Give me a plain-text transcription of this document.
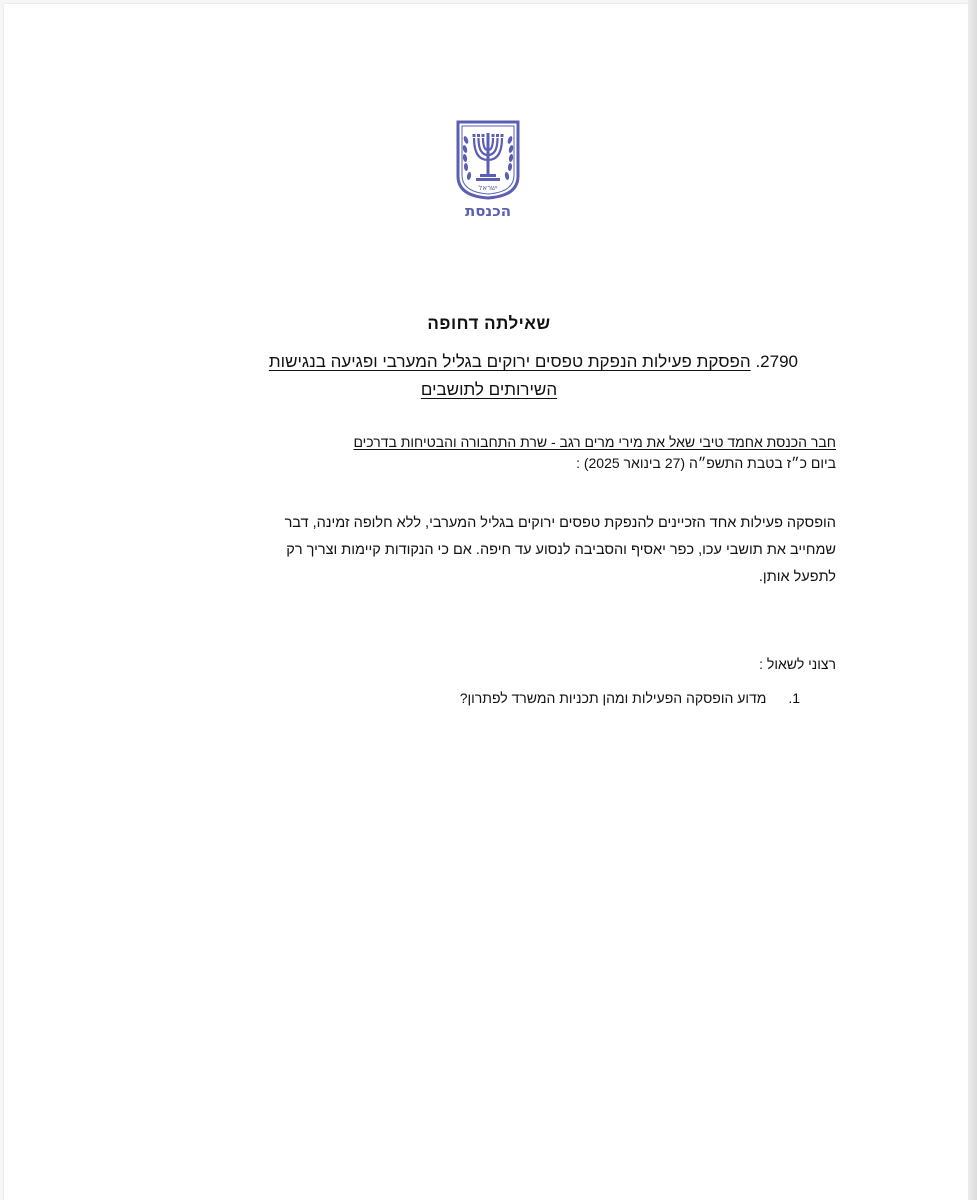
ישראל
הכנסת
שאילתה דחופה
2790. הפסקת פעילות הנפקת טפסים ירוקים בגליל המערבי ופגיעה בנגישות
השירותים לתושבים
חבר הכנסת אחמד טיבי שאל את מירי מרים רגב - שרת התחבורה והבטיחות בדרכים
ביום כ״ז בטבת התשפ״ה (27 בינואר 2025) :
הופסקה פעילות אחד הזכיינים להנפקת טפסים ירוקים בגליל המערבי, ללא חלופה זמינה, דבר
שמחייב את תושבי עכו, כפר יאסיף והסביבה לנסוע עד חיפה. אם כי הנקודות קיימות וצריך רק
לתפעל אותן.
רצוני לשאול :
1. מדוע הופסקה הפעילות ומהן תכניות המשרד לפתרון?
